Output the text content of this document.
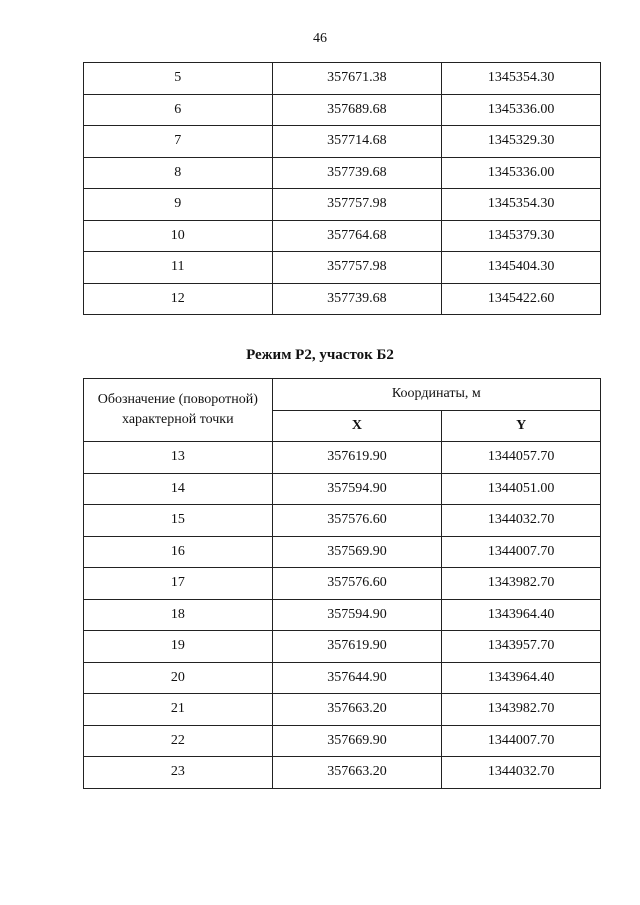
46
5	357671.38	1345354.30
6	357689.68	1345336.00
7	357714.68	1345329.30
8	357739.68	1345336.00
9	357757.98	1345354.30
10	357764.68	1345379.30
11	357757.98	1345404.30
12	357739.68	1345422.60
Режим Р2, участок Б2
Обозначение (поворотной) характерной точки	Координаты, м	
	X	Y
13	357619.90	1344057.70
14	357594.90	1344051.00
15	357576.60	1344032.70
16	357569.90	1344007.70
17	357576.60	1343982.70
18	357594.90	1343964.40
19	357619.90	1343957.70
20	357644.90	1343964.40
21	357663.20	1343982.70
22	357669.90	1344007.70
23	357663.20	1344032.70
